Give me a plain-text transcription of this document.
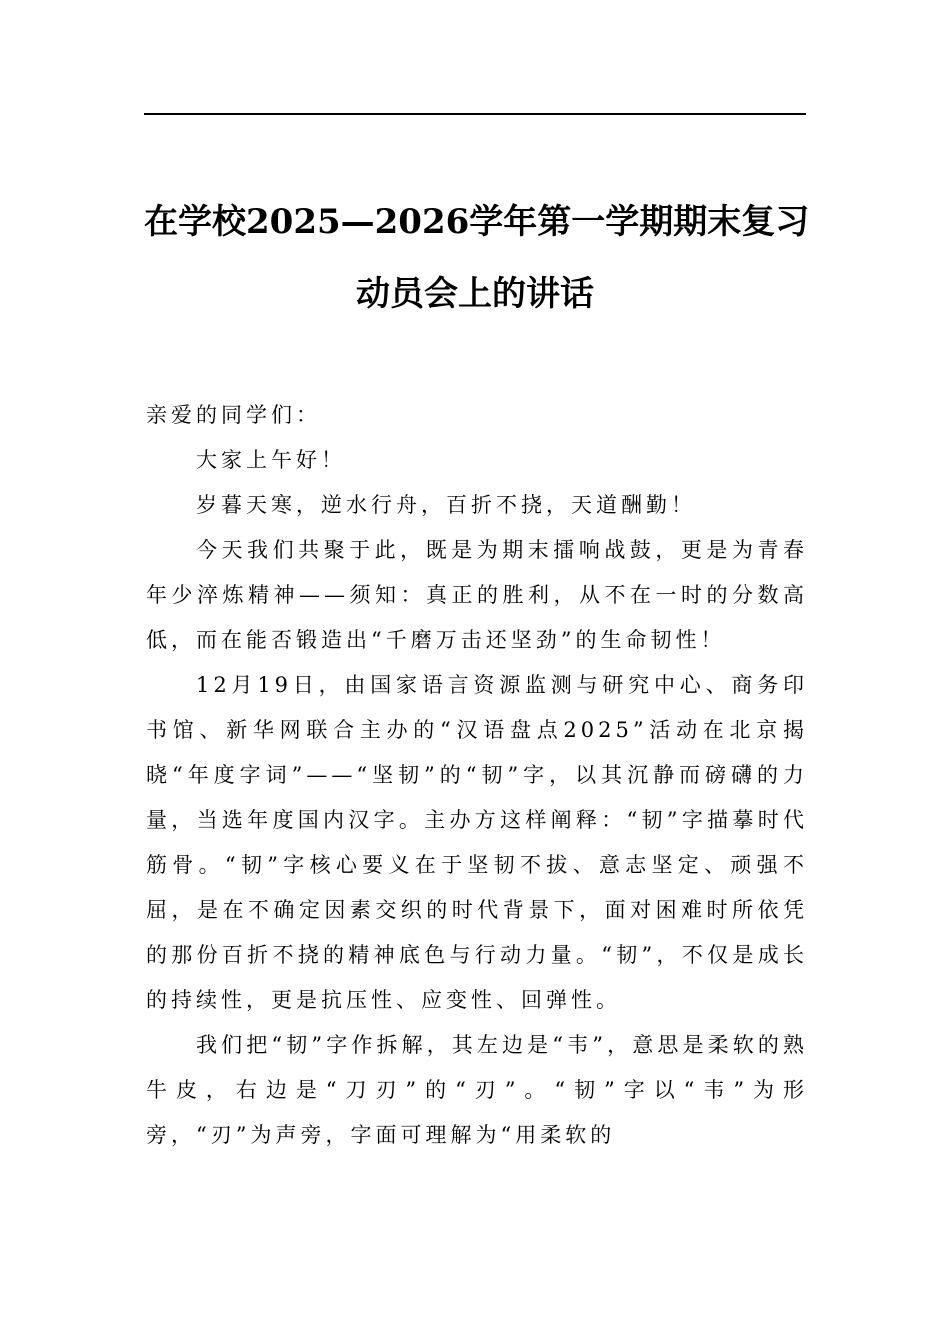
在学校2025—2026学年第一学期期末复习
动员会上的讲话

亲爱的同学们：

大家上午好！

岁暮天寒，逆水行舟，百折不挠，天道酬勤！

今天我们共聚于此，既是为期末擂响战鼓，更是为青春年少淬炼精神——须知：真正的胜利，从不在一时的分数高低，而在能否锻造出“千磨万击还坚劲”的生命韧性！

12月19日，由国家语言资源监测与研究中心、商务印书馆、新华网联合主办的“汉语盘点2025”活动在北京揭晓“年度字词”——“坚韧”的“韧”字，以其沉静而磅礴的力量，当选年度国内汉字。主办方这样阐释：“韧”字描摹时代筋骨。“韧”字核心要义在于坚韧不拔、意志坚定、顽强不屈，是在不确定因素交织的时代背景下，面对困难时所依凭的那份百折不挠的精神底色与行动力量。“韧”，不仅是成长的持续性，更是抗压性、应变性、回弹性。

我们把“韧”字作拆解，其左边是“韦”，意思是柔软的熟牛皮，右边是“刀刃”的“刃”。“韧”字以“韦”为形旁，“刃”为声旁，字面可理解为“用柔软的
